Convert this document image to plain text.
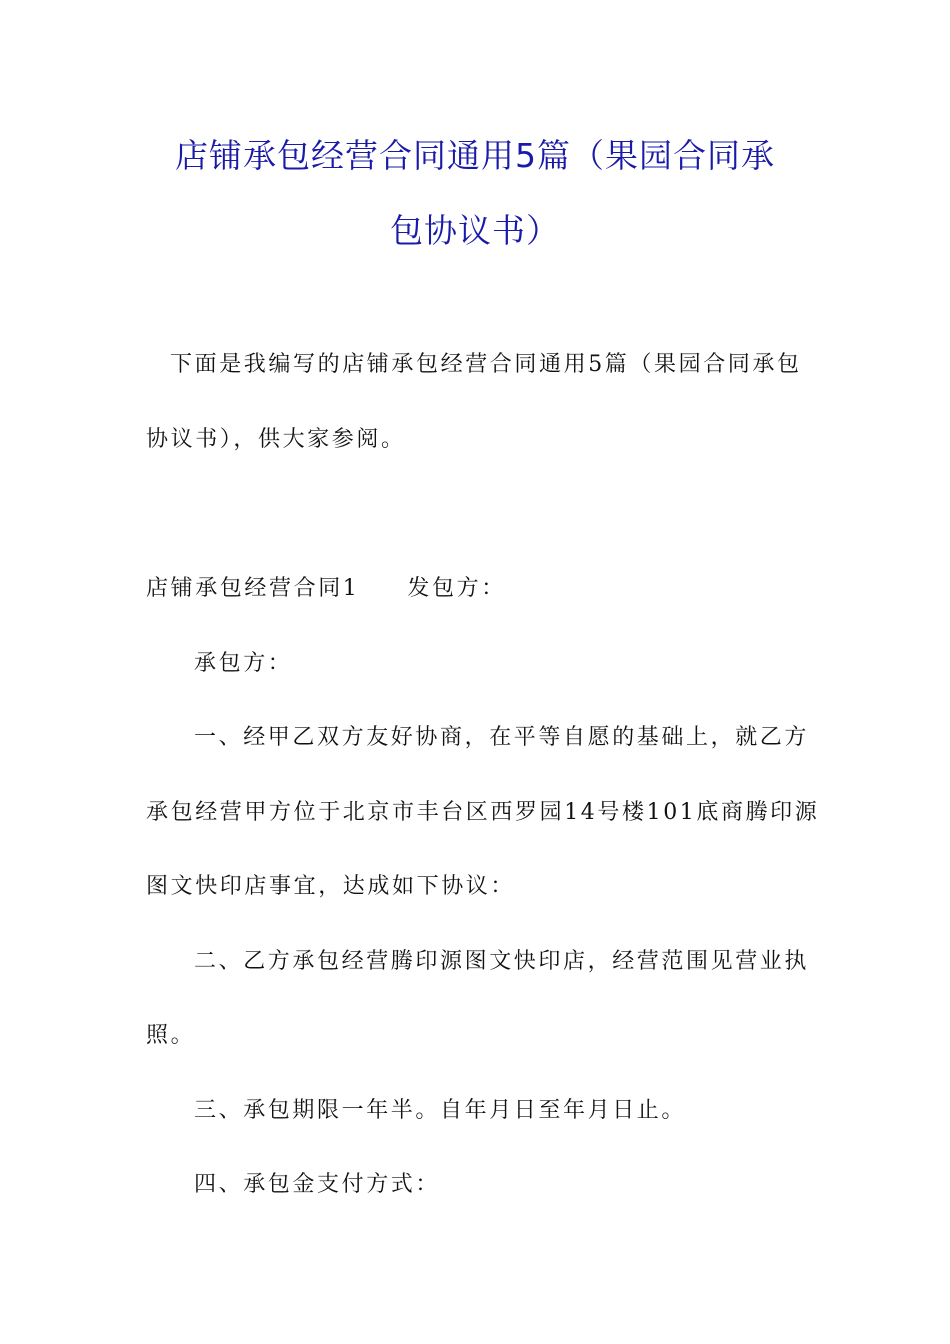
店铺承包经营合同通用5篇（果园合同承
包协议书）
下面是我编写的店铺承包经营合同通用5篇（果园合同承包
协议书），供大家参阅。
店铺承包经营合同1 发包方：
承包方：
一、经甲乙双方友好协商，在平等自愿的基础上，就乙方
承包经营甲方位于北京市丰台区西罗园14号楼101底商腾印源
图文快印店事宜，达成如下协议：
二、乙方承包经营腾印源图文快印店，经营范围见营业执
照。
三、承包期限一年半。自年月日至年月日止。
四、承包金支付方式：
